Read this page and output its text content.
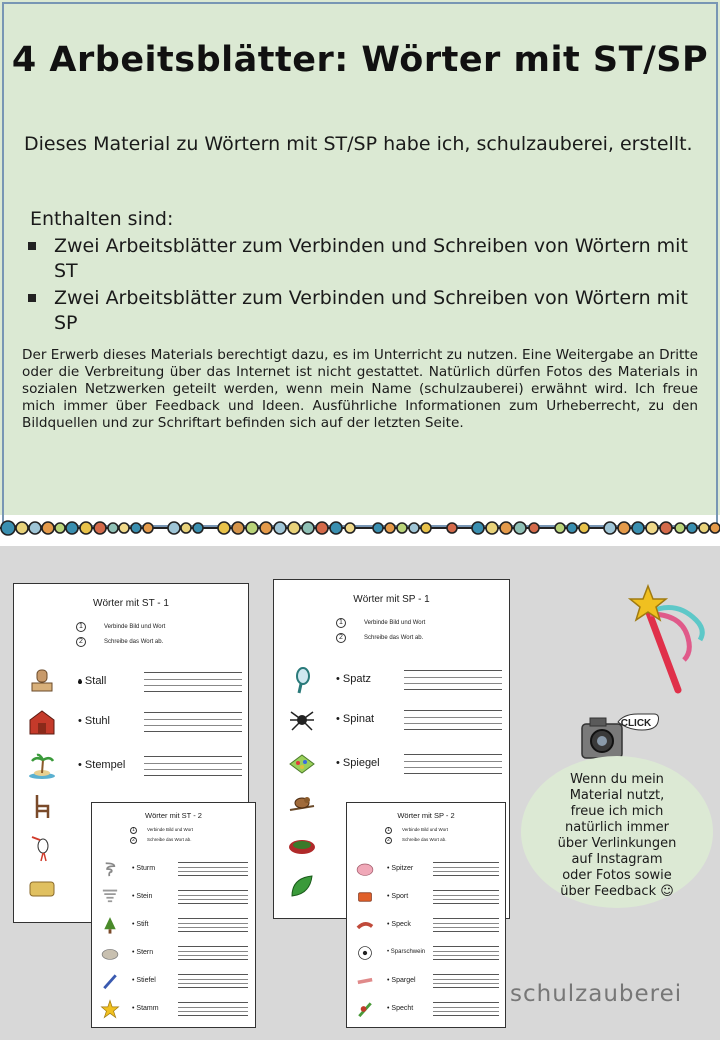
4 Arbeitsblätter: Wörter mit ST/SP

Dieses Material zu Wörtern mit ST/SP habe ich, schulzauberei, erstellt.

Enthalten sind:

Zwei Arbeitsblätter zum Verbinden und Schreiben von Wörtern mit ST
Zwei Arbeitsblätter zum Verbinden und Schreiben von Wörtern mit SP

Der Erwerb dieses Materials berechtigt dazu, es im Unterricht zu nutzen. Eine Weitergabe an Dritte oder die Verbreitung über das Internet ist nicht gestattet. Natürlich dürfen Fotos des Materials in sozialen Netzwerken geteilt werden, wenn mein Name (schulzauberei) erwähnt wird. Ich freue mich immer über Feedback und Ideen. Ausführliche Informationen zum Urheberrecht, zu den Bildquellen und zur Schriftart befinden sich auf der letzten Seite.

Wörter mit ST - 1
1	Verbinde Bild und Wort
2	Schreibe das Wort ab.
• Stall
• Stuhl
• Stempel
Wörter mit SP - 1
1	Verbinde Bild und Wort
2	Schreibe das Wort ab.
• Spatz
• Spinat
• Spiegel
Wörter mit ST - 2
1	Verbinde Bild und Wort
2	Schreibe das Wort ab.
• Sturm
• Stein
• Stift
• Stern
• Stiefel
• Stamm
Wörter mit SP - 2
1	Verbinde Bild und Wort
2	Schreibe das Wort ab.
• Spitzer
• Sport
• Speck
• Sparschwein
• Spargel
• Specht
CLICK
Wenn du mein
Material nutzt,
freue ich mich
natürlich immer
über Verlinkungen
auf Instagram
oder Fotos sowie
über Feedback ☺
schulzauberei
